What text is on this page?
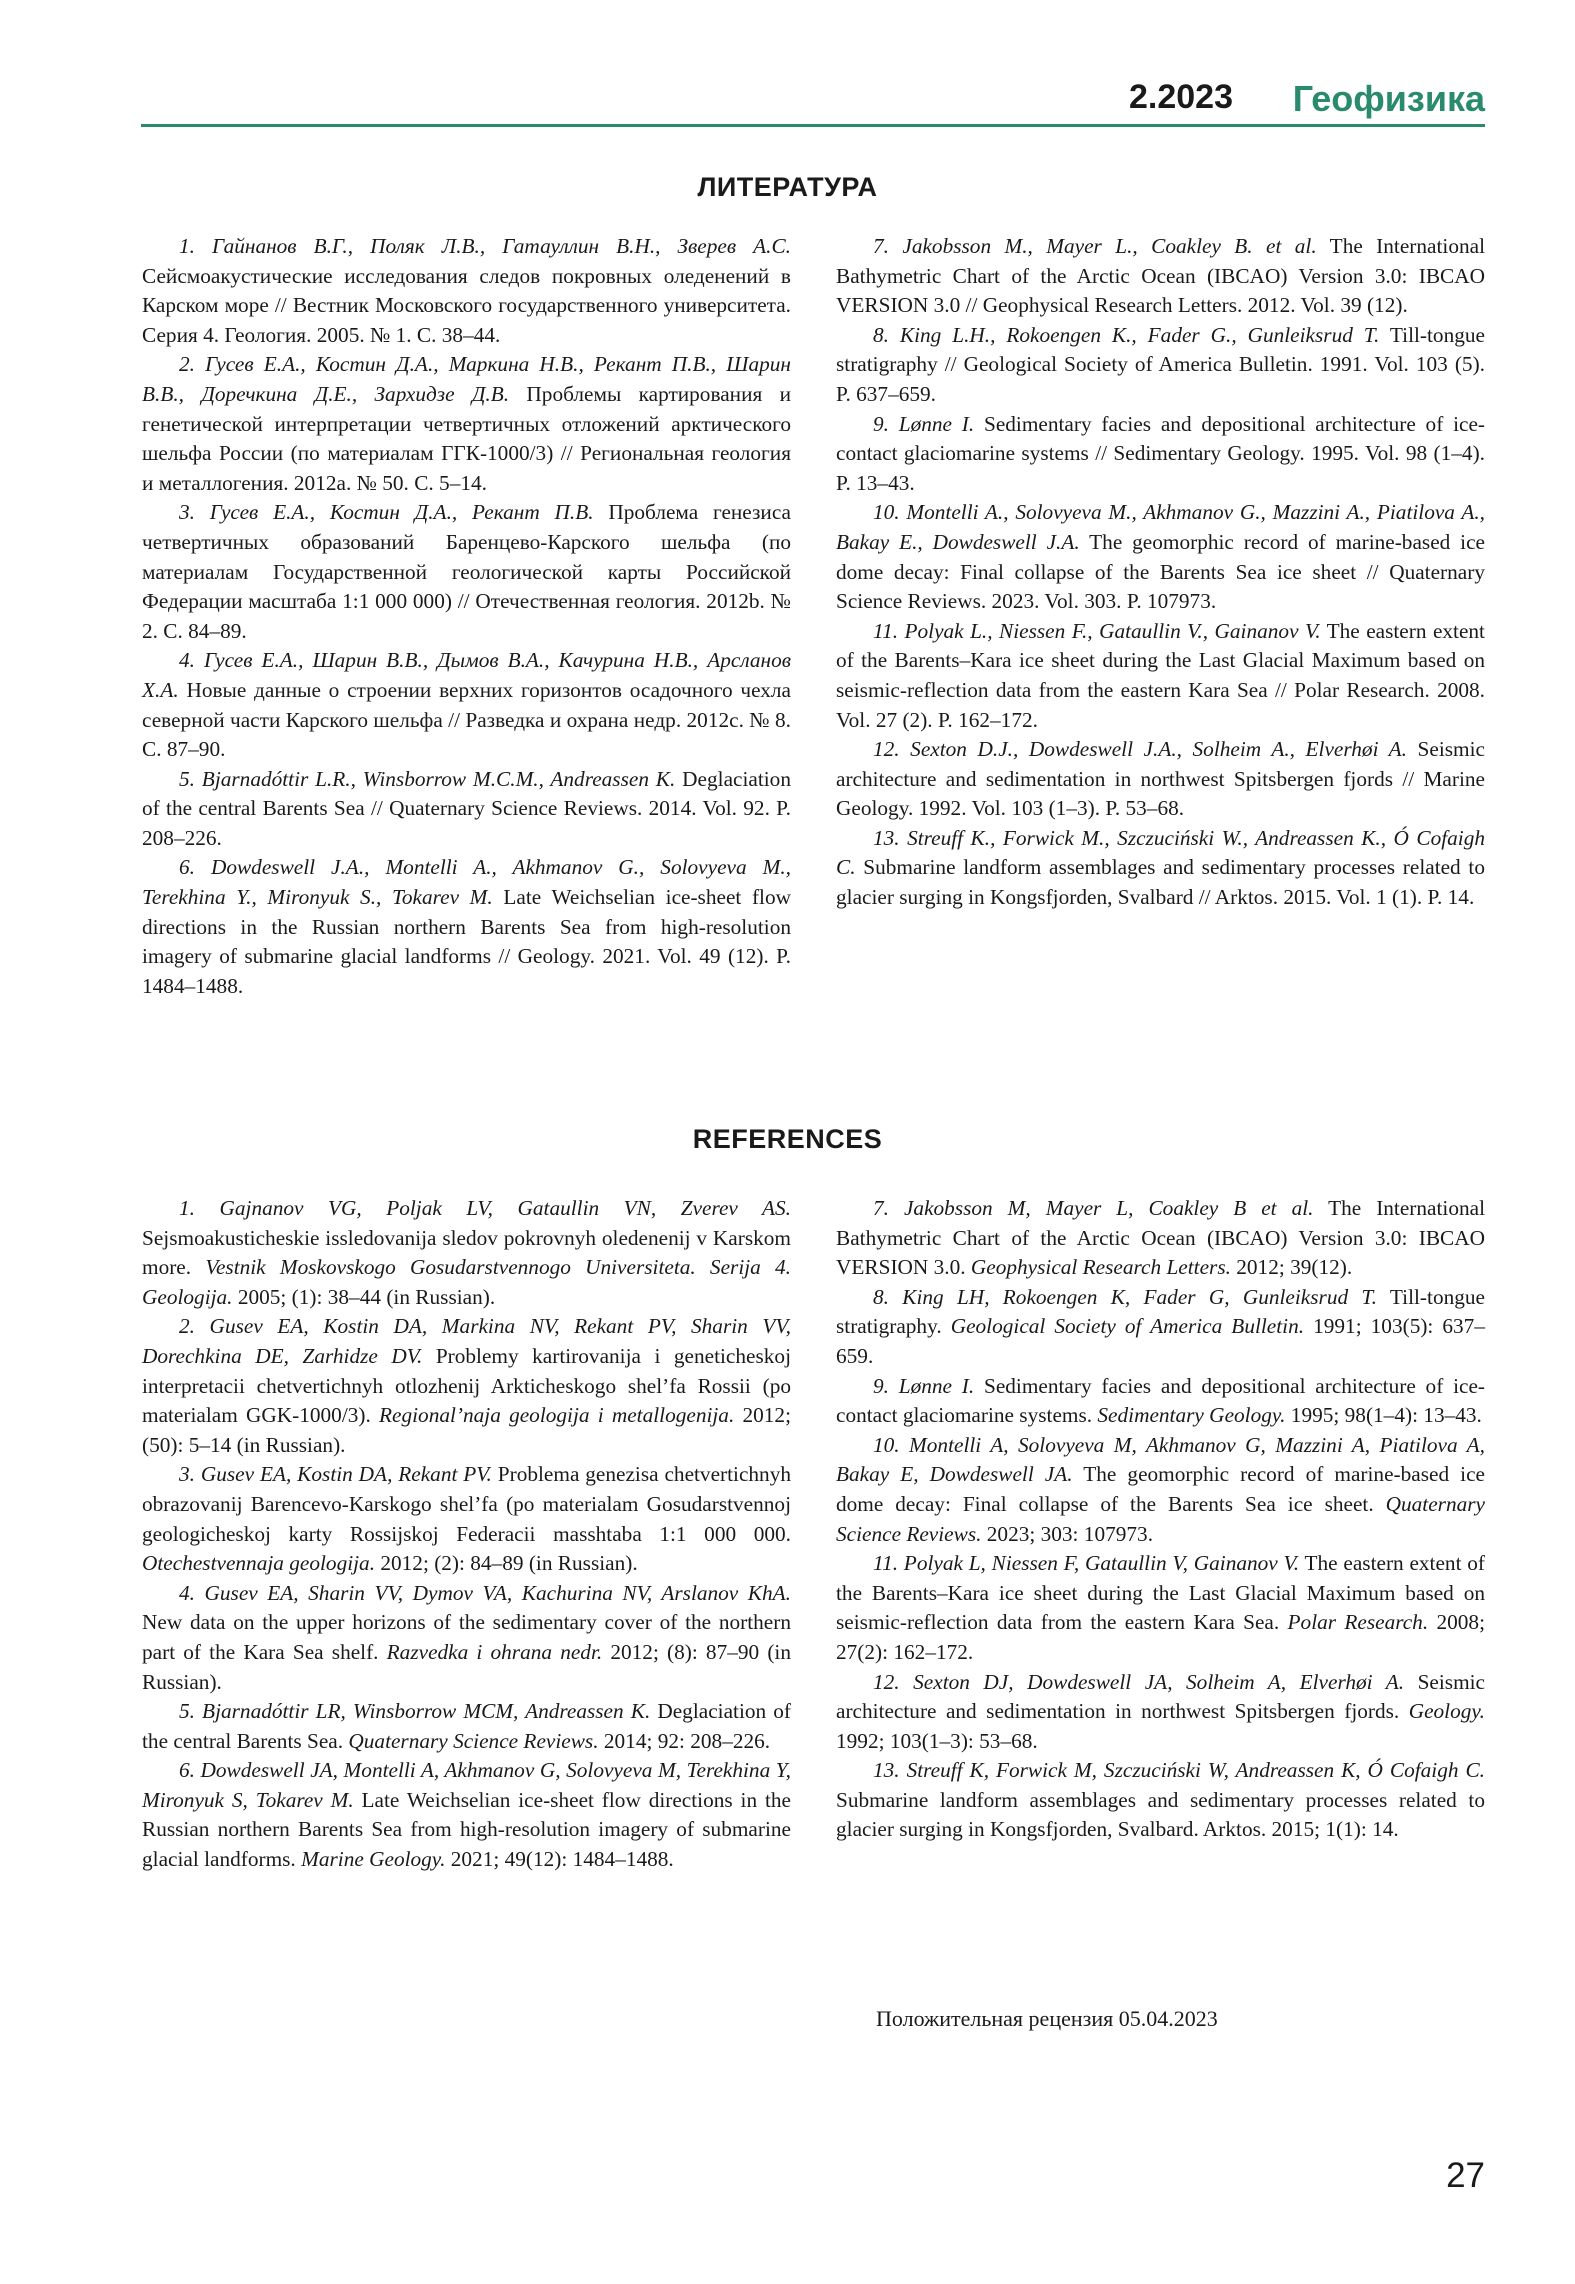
2.2023 Геофизика
ЛИТЕРАТУРА

1. Гайнанов В.Г., Поляк Л.В., Гатауллин В.Н., Зверев А.С. Сейсмоакустические исследования следов покровных оледенений в Карском море // Вестник Московского государственного университета. Серия 4. Геология. 2005. № 1. С. 38–44.

2. Гусев Е.А., Костин Д.А., Маркина Н.В., Рекант П.В., Шарин В.В., Доречкина Д.Е., Зархидзе Д.В. Проблемы картирования и генетической интерпретации четвертичных отложений арктического шельфа России (по материалам ГГК-1000/3) // Региональная геология и металлогения. 2012а. № 50. С. 5–14.

3. Гусев Е.А., Костин Д.А., Рекант П.В. Проблема генезиса четвертичных образований Баренцево-Карского шельфа (по материалам Государственной геологической карты Российской Федерации масштаба 1:1 000 000) // Отечественная геология. 2012b. № 2. С. 84–89.

4. Гусев Е.А., Шарин В.В., Дымов В.А., Качурина Н.В., Арсланов Х.А. Новые данные о строении верхних горизонтов осадочного чехла северной части Карского шельфа // Разведка и охрана недр. 2012с. № 8. С. 87–90.

5. Bjarnadóttir L.R., Winsborrow M.C.M., Andreassen K. Deglaciation of the central Barents Sea // Quaternary Science Reviews. 2014. Vol. 92. P. 208–226.

6. Dowdeswell J.A., Montelli A., Akhmanov G., Solovyeva M., Terekhina Y., Mironyuk S., Tokarev M. Late Weichselian ice-sheet flow directions in the Russian northern Barents Sea from high-resolution imagery of submarine glacial landforms // Geology. 2021. Vol. 49 (12). P. 1484–1488.

7. Jakobsson M., Mayer L., Coakley B. et al. The International Bathymetric Chart of the Arctic Ocean (IBCAO) Version 3.0: IBCAO VERSION 3.0 // Geophysical Research Letters. 2012. Vol. 39 (12).

8. King L.H., Rokoengen K., Fader G., Gunleiksrud T. Till-tongue stratigraphy // Geological Society of America Bulletin. 1991. Vol. 103 (5). P. 637–659.

9. Lønne I. Sedimentary facies and depositional architecture of ice-contact glaciomarine systems // Sedimentary Geology. 1995. Vol. 98 (1–4). P. 13–43.

10. Montelli A., Solovyeva M., Akhmanov G., Mazzini A., Piatilova A., Bakay E., Dowdeswell J.A. The geomorphic record of marine-based ice dome decay: Final collapse of the Barents Sea ice sheet // Quaternary Science Reviews. 2023. Vol. 303. P. 107973.

11. Polyak L., Niessen F., Gataullin V., Gainanov V. The eastern extent of the Barents–Kara ice sheet during the Last Glacial Maximum based on seismic-reflection data from the eastern Kara Sea // Polar Research. 2008. Vol. 27 (2). P. 162–172.

12. Sexton D.J., Dowdeswell J.A., Solheim A., Elverhøi A. Seismic architecture and sedimentation in northwest Spitsbergen fjords // Marine Geology. 1992. Vol. 103 (1–3). P. 53–68.

13. Streuff K., Forwick M., Szczuciński W., Andreassen K., Ó Cofaigh C. Submarine landform assemblages and sedimentary processes related to glacier surging in Kongsfjorden, Svalbard // Arktos. 2015. Vol. 1 (1). P. 14.

REFERENCES

1. Gajnanov VG, Poljak LV, Gataullin VN, Zverev AS. Sejsmoakusticheskie issledovanija sledov pokrovnyh oledenenij v Karskom more. Vestnik Moskovskogo Gosudarstvennogo Universiteta. Serija 4. Geologija. 2005; (1): 38–44 (in Russian).

2. Gusev EA, Kostin DA, Markina NV, Rekant PV, Sharin VV, Dorechkina DE, Zarhidze DV. Problemy kartirovanija i geneticheskoj interpretacii chetvertichnyh otlozhenij Arkticheskogo shel’fa Rossii (po materialam GGK-1000/3). Regional’naja geologija i metallogenija. 2012; (50): 5–14 (in Russian).

3. Gusev EA, Kostin DA, Rekant PV. Problema genezisa chetvertichnyh obrazovanij Barencevo-Karskogo shel’fa (po materialam Gosudarstvennoj geologicheskoj karty Rossijskoj Federacii masshtaba 1:1 000 000. Otechestvennaja geologija. 2012; (2): 84–89 (in Russian).

4. Gusev EA, Sharin VV, Dymov VA, Kachurina NV, Arslanov KhA. New data on the upper horizons of the sedimentary cover of the northern part of the Kara Sea shelf. Razvedka i ohrana nedr. 2012; (8): 87–90 (in Russian).

5. Bjarnadóttir LR, Winsborrow MCM, Andreassen K. Deglaciation of the central Barents Sea. Quaternary Science Reviews. 2014; 92: 208–226.

6. Dowdeswell JA, Montelli A, Akhmanov G, Solovyeva M, Terekhina Y, Mironyuk S, Tokarev M. Late Weichselian ice-sheet flow directions in the Russian northern Barents Sea from high-resolution imagery of submarine glacial landforms. Marine Geology. 2021; 49(12): 1484–1488.

7. Jakobsson M, Mayer L, Coakley B et al. The International Bathymetric Chart of the Arctic Ocean (IBCAO) Version 3.0: IBCAO VERSION 3.0. Geophysical Research Letters. 2012; 39(12).

8. King LH, Rokoengen K, Fader G, Gunleiksrud T. Till-tongue stratigraphy. Geological Society of America Bulletin. 1991; 103(5): 637–659.

9. Lønne I. Sedimentary facies and depositional architecture of ice-contact glaciomarine systems. Sedimentary Geology. 1995; 98(1–4): 13–43.

10. Montelli A, Solovyeva M, Akhmanov G, Mazzini A, Piatilova A, Bakay E, Dowdeswell JA. The geomorphic record of marine-based ice dome decay: Final collapse of the Barents Sea ice sheet. Quaternary Science Reviews. 2023; 303: 107973.

11. Polyak L, Niessen F, Gataullin V, Gainanov V. The eastern extent of the Barents–Kara ice sheet during the Last Glacial Maximum based on seismic-reflection data from the eastern Kara Sea. Polar Research. 2008; 27(2): 162–172.

12. Sexton DJ, Dowdeswell JA, Solheim A, Elverhøi A. Seismic architecture and sedimentation in northwest Spitsbergen fjords. Geology. 1992; 103(1–3): 53–68.

13. Streuff K, Forwick M, Szczuciński W, Andreassen K, Ó Cofaigh C. Submarine landform assemblages and sedimentary processes related to glacier surging in Kongsfjorden, Svalbard. Arktos. 2015; 1(1): 14.

Положительная рецензия 05.04.2023
27
